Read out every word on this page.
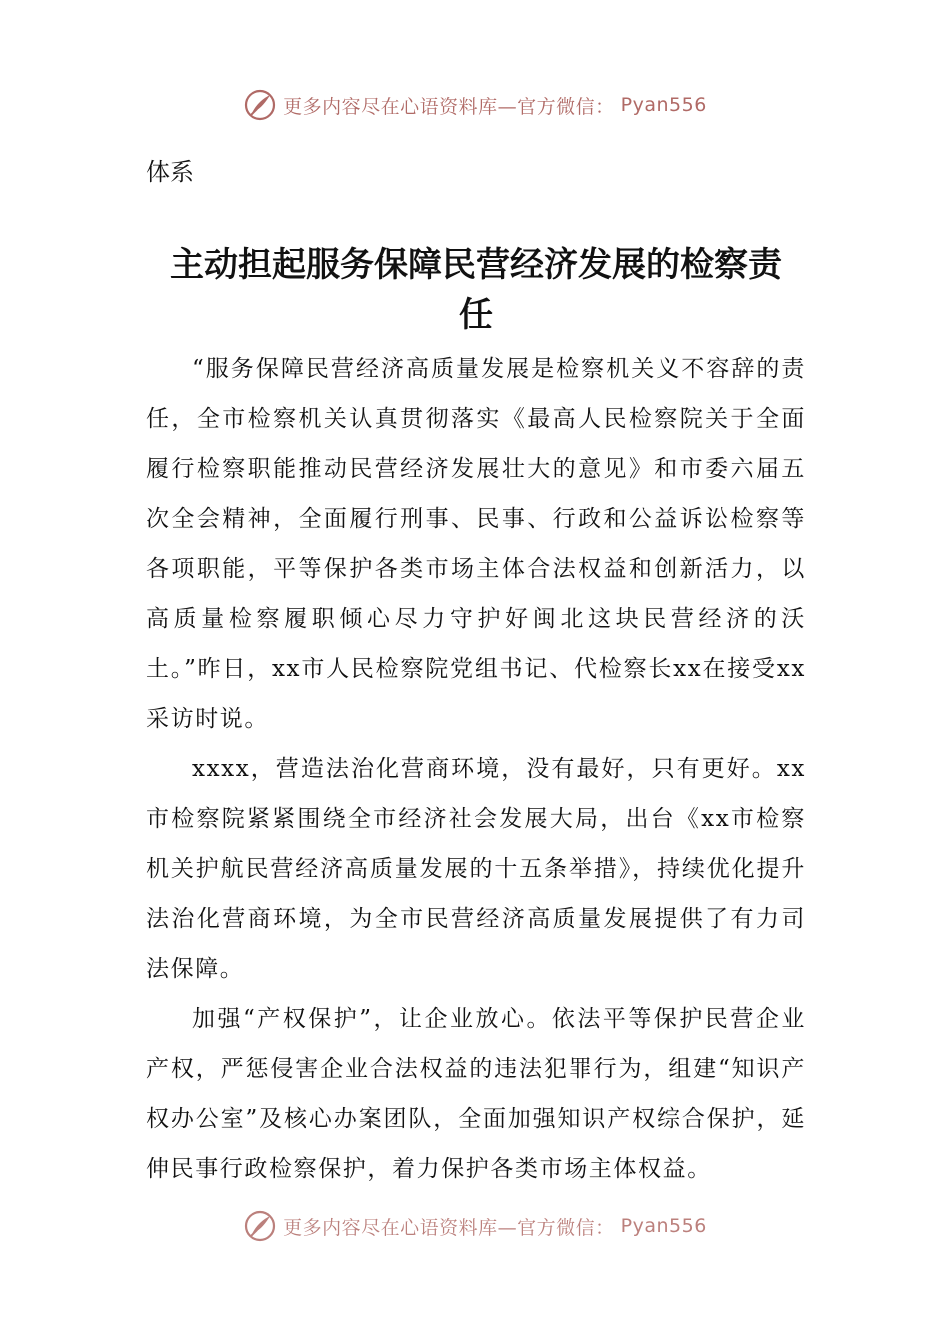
更多内容尽在心语资料库—官方微信： Pyan556

体系

主动担起服务保障民营经济发展的检察责
任

“服务保障民营经济高质量发展是检察机关义不容辞的责任，全市检察机关认真贯彻落实《最高人民检察院关于全面履行检察职能推动民营经济发展壮大的意见》和市委六届五次全会精神，全面履行刑事、民事、行政和公益诉讼检察等各项职能，平等保护各类市场主体合法权益和创新活力，以高质量检察履职倾心尽力守护好闽北这块民营经济的沃土。”昨日，xx市人民检察院党组书记、代检察长xx在接受xx采访时说。

xxxx，营造法治化营商环境，没有最好，只有更好。xx市检察院紧紧围绕全市经济社会发展大局，出台《xx市检察机关护航民营经济高质量发展的十五条举措》，持续优化提升法治化营商环境，为全市民营经济高质量发展提供了有力司法保障。

加强“产权保护”，让企业放心。依法平等保护民营企业产权，严惩侵害企业合法权益的违法犯罪行为，组建“知识产权办公室”及核心办案团队，全面加强知识产权综合保护，延伸民事行政检察保护，着力保护各类市场主体权益。

更多内容尽在心语资料库—官方微信： Pyan556
